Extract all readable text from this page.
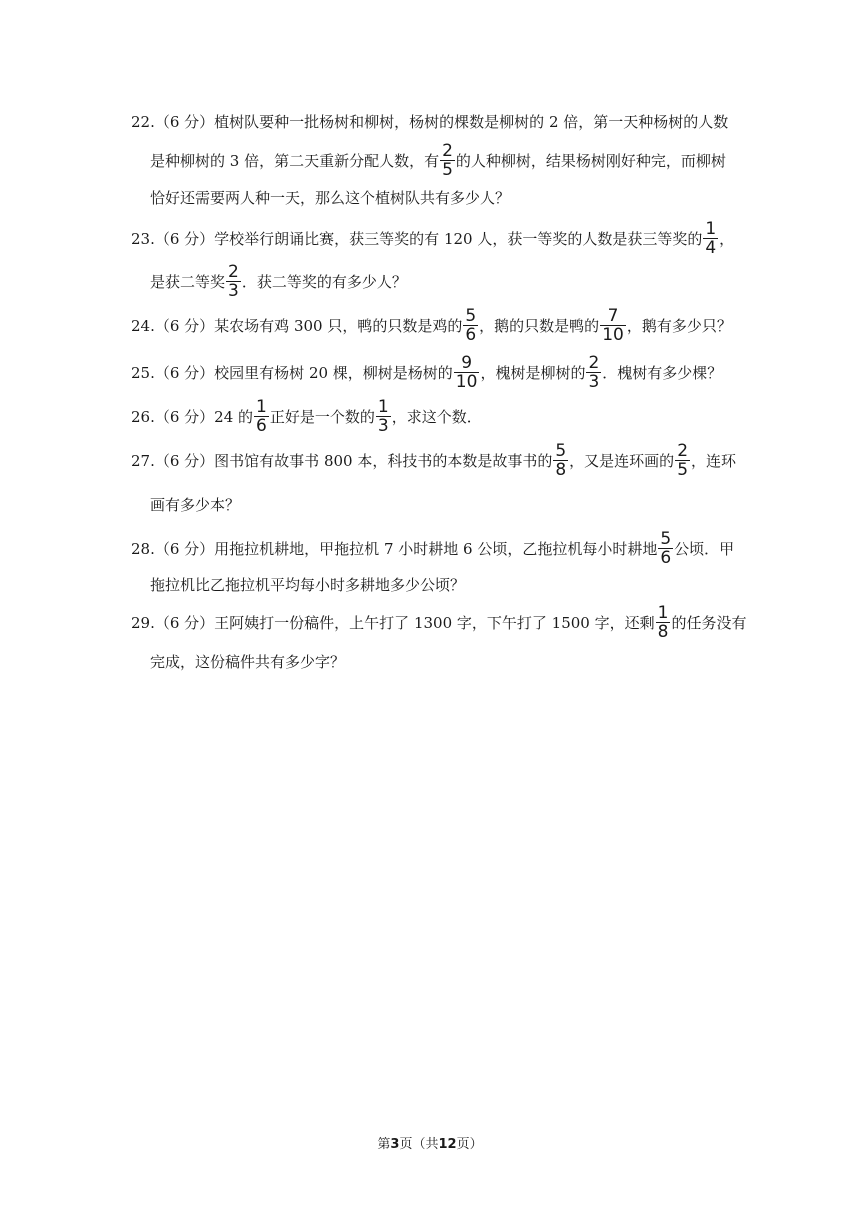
22.（6 分）植树队要种一批杨树和柳树，杨树的棵数是柳树的 2 倍，第一天种杨树的人数
是种柳树的 3 倍，第二天重新分配人数，有 $\frac{2}{5}$ 的人种柳树，结果杨树刚好种完，而柳树
恰好还需要两人种一天，那么这个植树队共有多少人？
23.（6 分）学校举行朗诵比赛，获三等奖的有 120 人，获一等奖的人数是获三等奖的 $\frac{1}{4}$ ，
是获二等奖 $\frac{2}{3}$ ．获二等奖的有多少人？
24.（6 分）某农场有鸡 300 只，鸭的只数是鸡的 $\frac{5}{6}$ ，鹅的只数是鸭的 $\frac{7}{10}$ ，鹅有多少只？
25.（6 分）校园里有杨树 20 棵，柳树是杨树的 $\frac{9}{10}$ ，槐树是柳树的 $\frac{2}{3}$ ．槐树有多少棵？
26.（6 分）24 的 $\frac{1}{6}$ 正好是一个数的 $\frac{1}{3}$ ，求这个数．
27.（6 分）图书馆有故事书 800 本，科技书的本数是故事书的 $\frac{5}{8}$ ，又是连环画的 $\frac{2}{5}$ ，连环
画有多少本？
28.（6 分）用拖拉机耕地，甲拖拉机 7 小时耕地 6 公顷，乙拖拉机每小时耕地 $\frac{5}{6}$ 公顷．甲
拖拉机比乙拖拉机平均每小时多耕地多少公顷？
29.（6 分）王阿姨打一份稿件，上午打了 1300 字，下午打了 1500 字，还剩 $\frac{1}{8}$ 的任务没有
完成，这份稿件共有多少字？
第3页（共12页）
